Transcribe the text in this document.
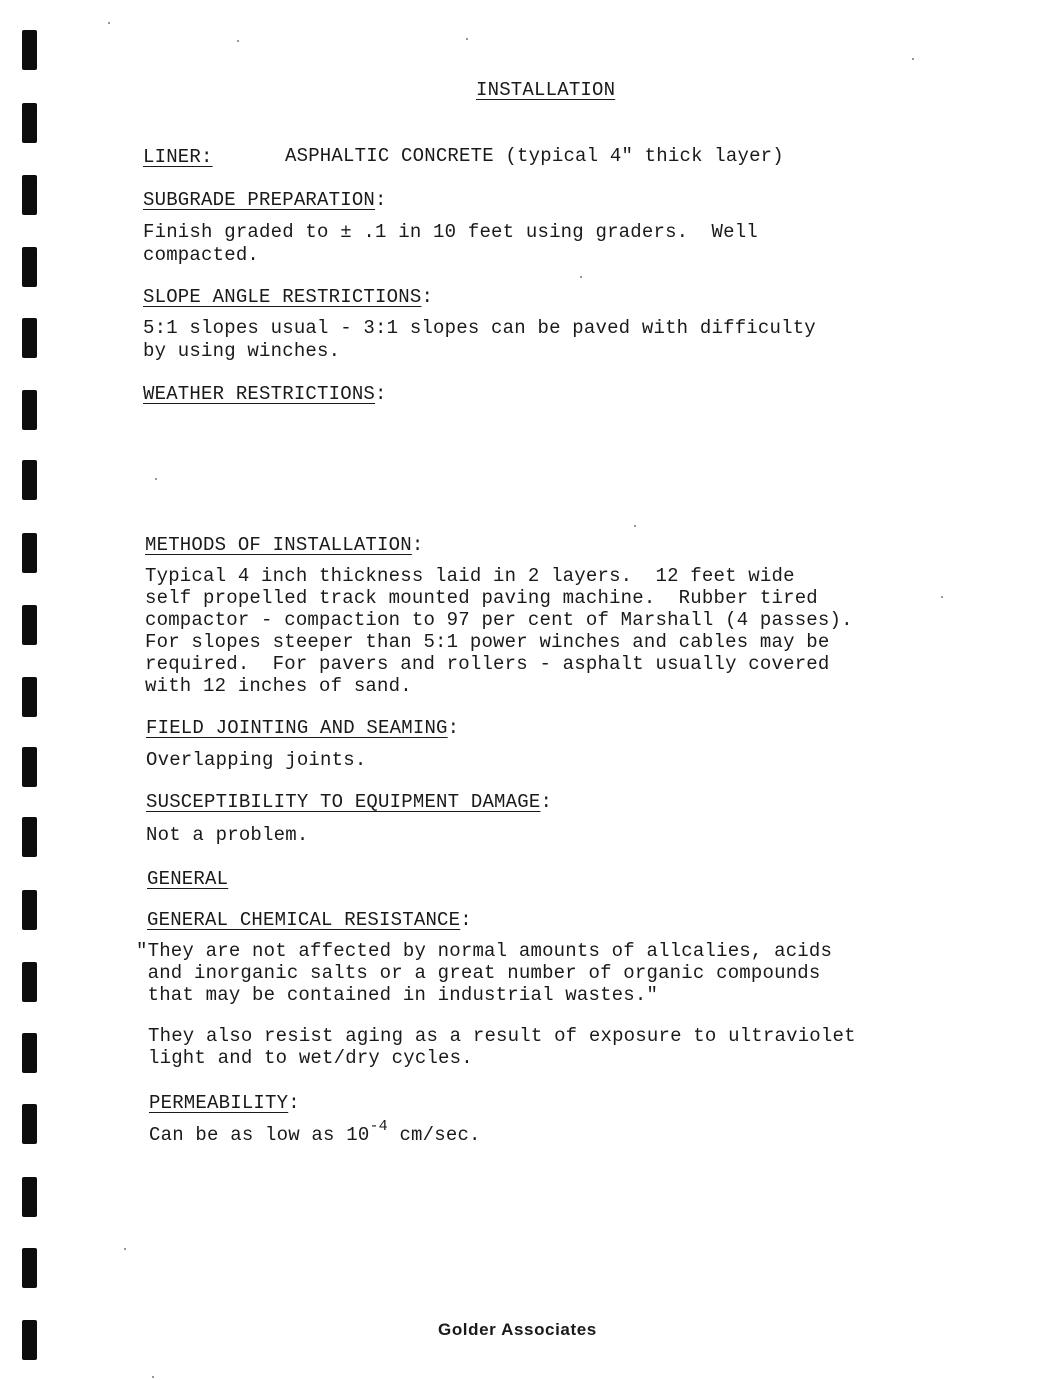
INSTALLATION
LINER:	ASPHALTIC CONCRETE (typical 4" thick layer)
SUBGRADE PREPARATION:
Finish graded to ± .1 in 10 feet using graders.  Well
compacted.
SLOPE ANGLE RESTRICTIONS:
5:1 slopes usual - 3:1 slopes can be paved with difficulty
by using winches.
WEATHER RESTRICTIONS:
METHODS OF INSTALLATION:
Typical 4 inch thickness laid in 2 layers.  12 feet wide
self propelled track mounted paving machine.  Rubber tired
compactor - compaction to 97 per cent of Marshall (4 passes).
For slopes steeper than 5:1 power winches and cables may be
required.  For pavers and rollers - asphalt usually covered
with 12 inches of sand.
FIELD JOINTING AND SEAMING:
Overlapping joints.
SUSCEPTIBILITY TO EQUIPMENT DAMAGE:
Not a problem.
GENERAL
GENERAL CHEMICAL RESISTANCE:
"They are not affected by normal amounts of allcalies, acids
and inorganic salts or a great number of organic compounds
that may be contained in industrial wastes."
They also resist aging as a result of exposure to ultraviolet
light and to wet/dry cycles.
PERMEABILITY:
Can be as low as $10^{-4}$ cm/sec.
Golder Associates
